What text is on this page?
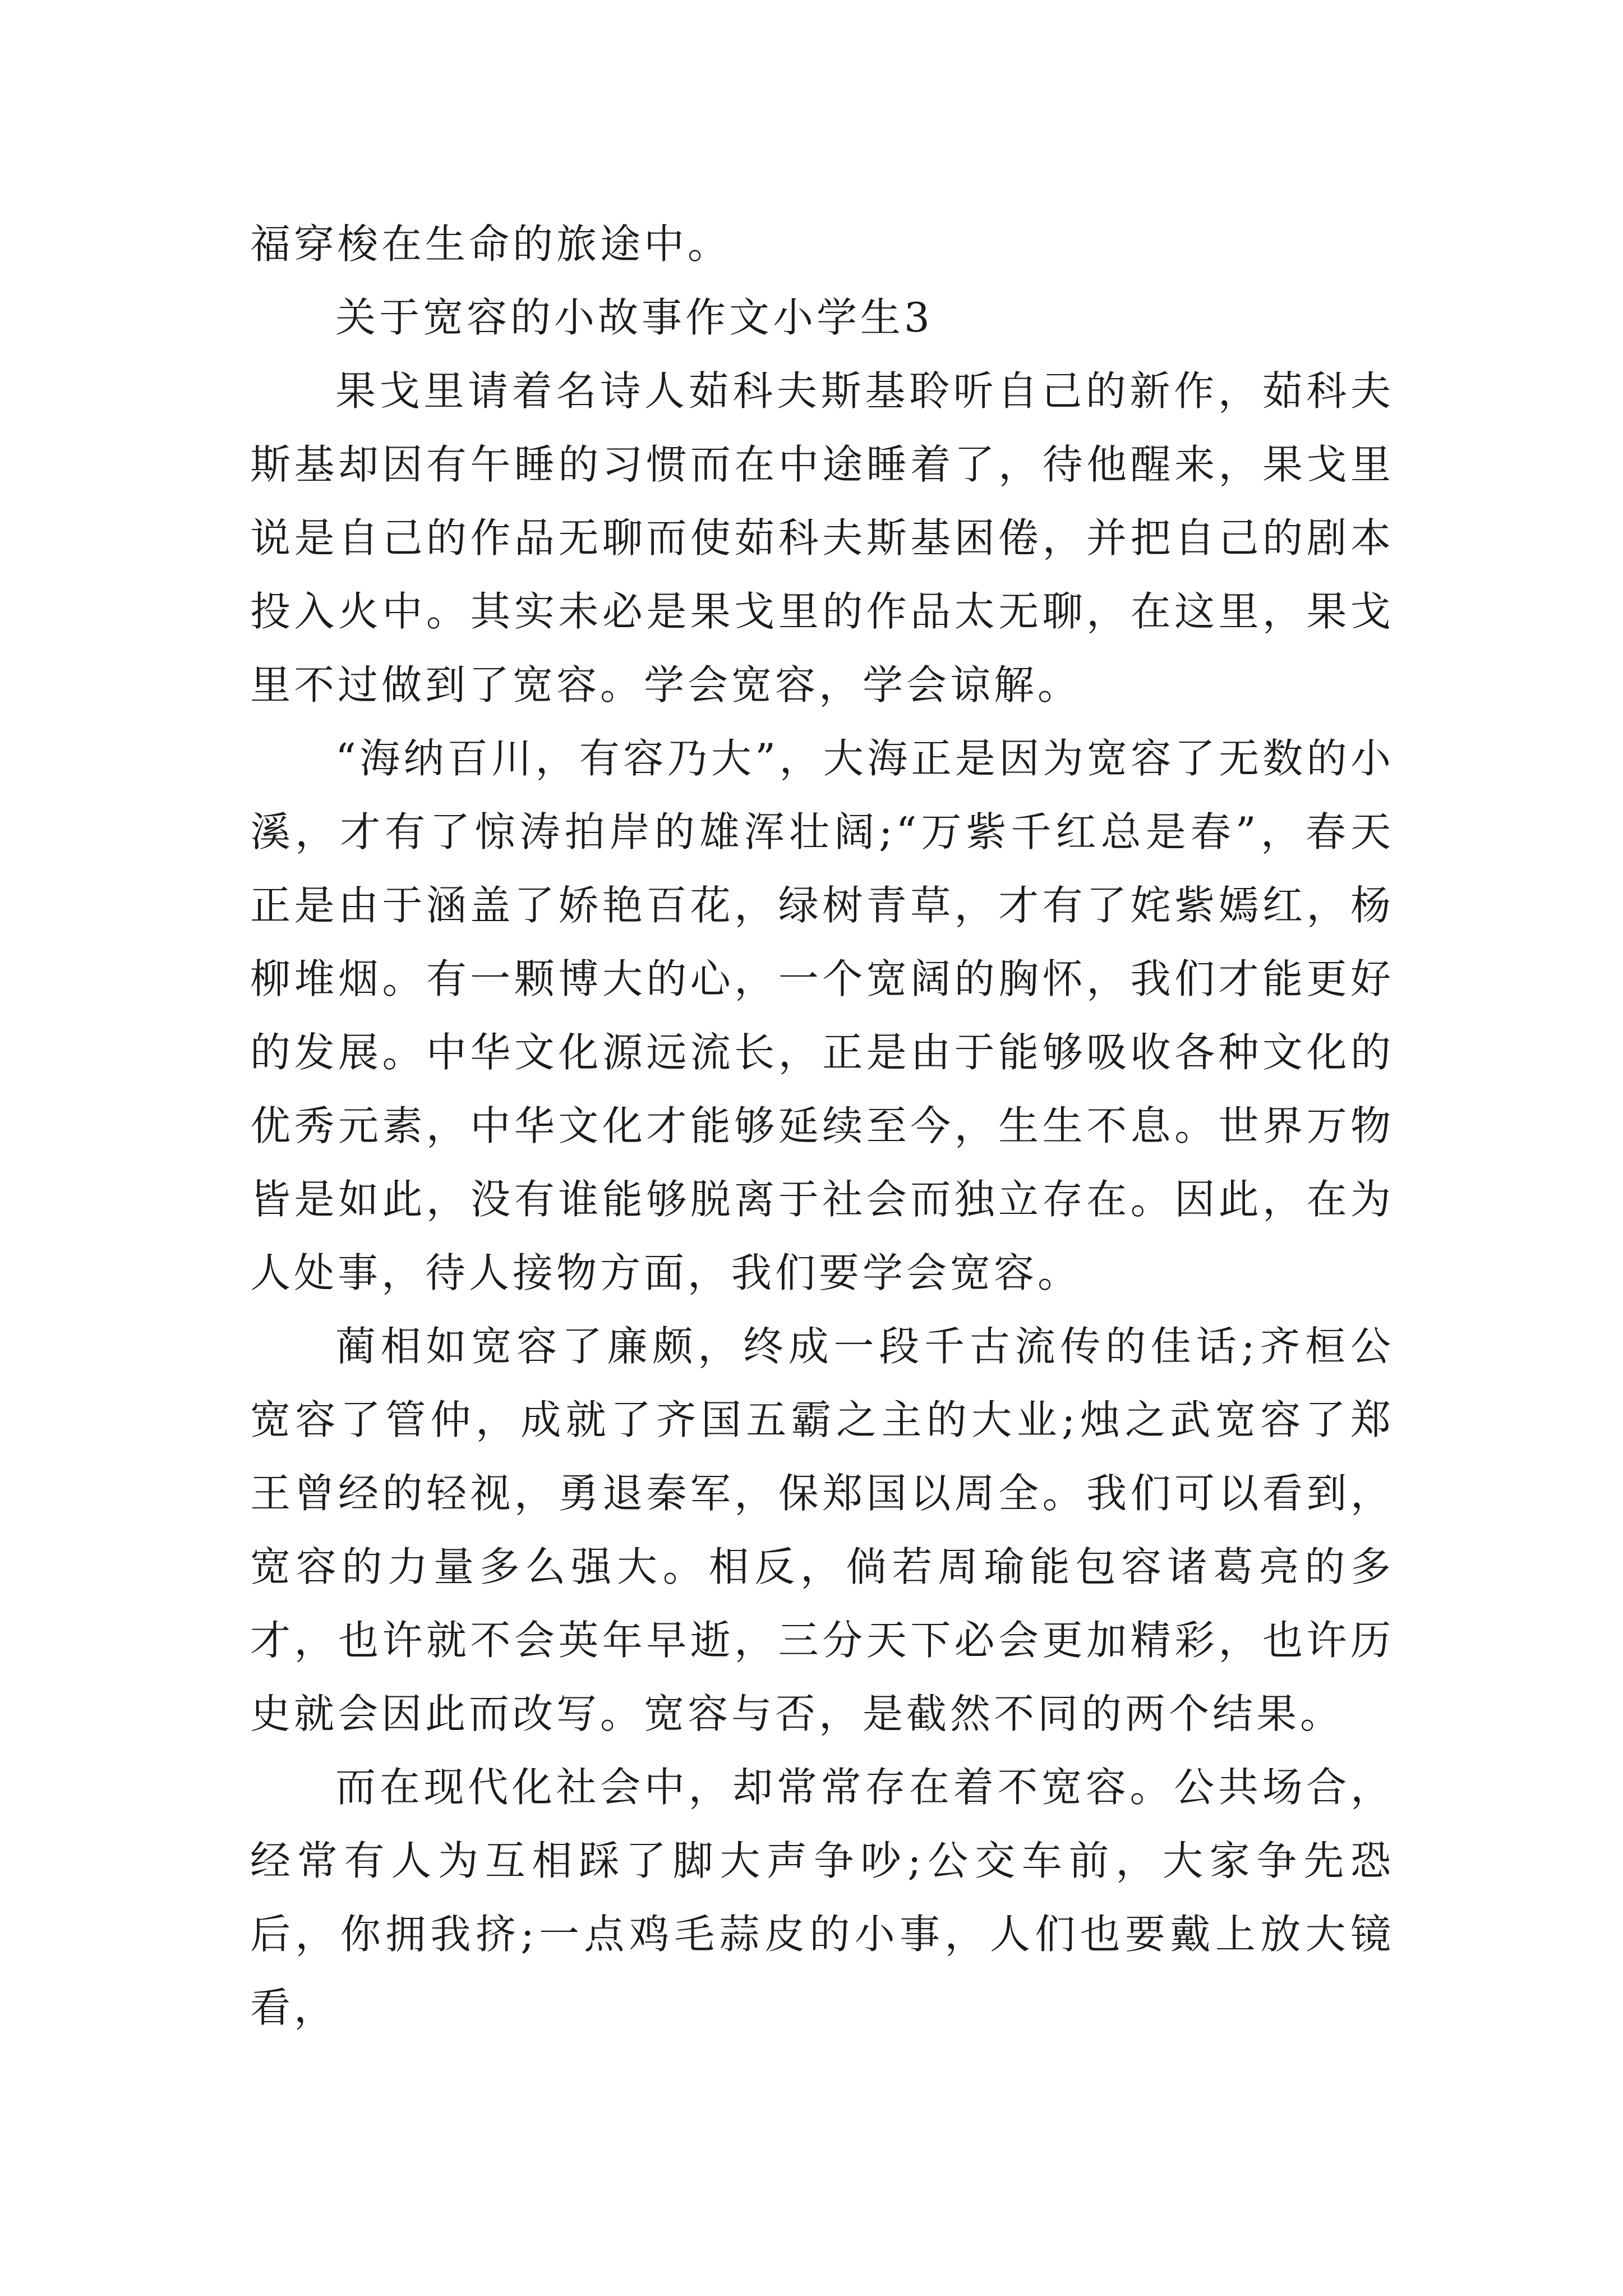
福穿梭在生命的旅途中。

关于宽容的小故事作文小学生3

果戈里请着名诗人茹科夫斯基聆听自己的新作，茹科夫斯基却因有午睡的习惯而在中途睡着了，待他醒来，果戈里说是自己的作品无聊而使茹科夫斯基困倦，并把自己的剧本投入火中。其实未必是果戈里的作品太无聊，在这里，果戈里不过做到了宽容。学会宽容，学会谅解。

“海纳百川，有容乃大”，大海正是因为宽容了无数的小溪，才有了惊涛拍岸的雄浑壮阔;“万紫千红总是春”，春天正是由于涵盖了娇艳百花，绿树青草，才有了姹紫嫣红，杨柳堆烟。有一颗博大的心，一个宽阔的胸怀，我们才能更好的发展。中华文化源远流长，正是由于能够吸收各种文化的优秀元素，中华文化才能够延续至今，生生不息。世界万物皆是如此，没有谁能够脱离于社会而独立存在。因此，在为人处事，待人接物方面，我们要学会宽容。

蔺相如宽容了廉颇，终成一段千古流传的佳话;齐桓公宽容了管仲，成就了齐国五霸之主的大业;烛之武宽容了郑王曾经的轻视，勇退秦军，保郑国以周全。我们可以看到，宽容的力量多么强大。相反，倘若周瑜能包容诸葛亮的多才，也许就不会英年早逝，三分天下必会更加精彩，也许历史就会因此而改写。宽容与否，是截然不同的两个结果。

而在现代化社会中，却常常存在着不宽容。公共场合，经常有人为互相踩了脚大声争吵;公交车前，大家争先恐后，你拥我挤;一点鸡毛蒜皮的小事，人们也要戴上放大镜看，
